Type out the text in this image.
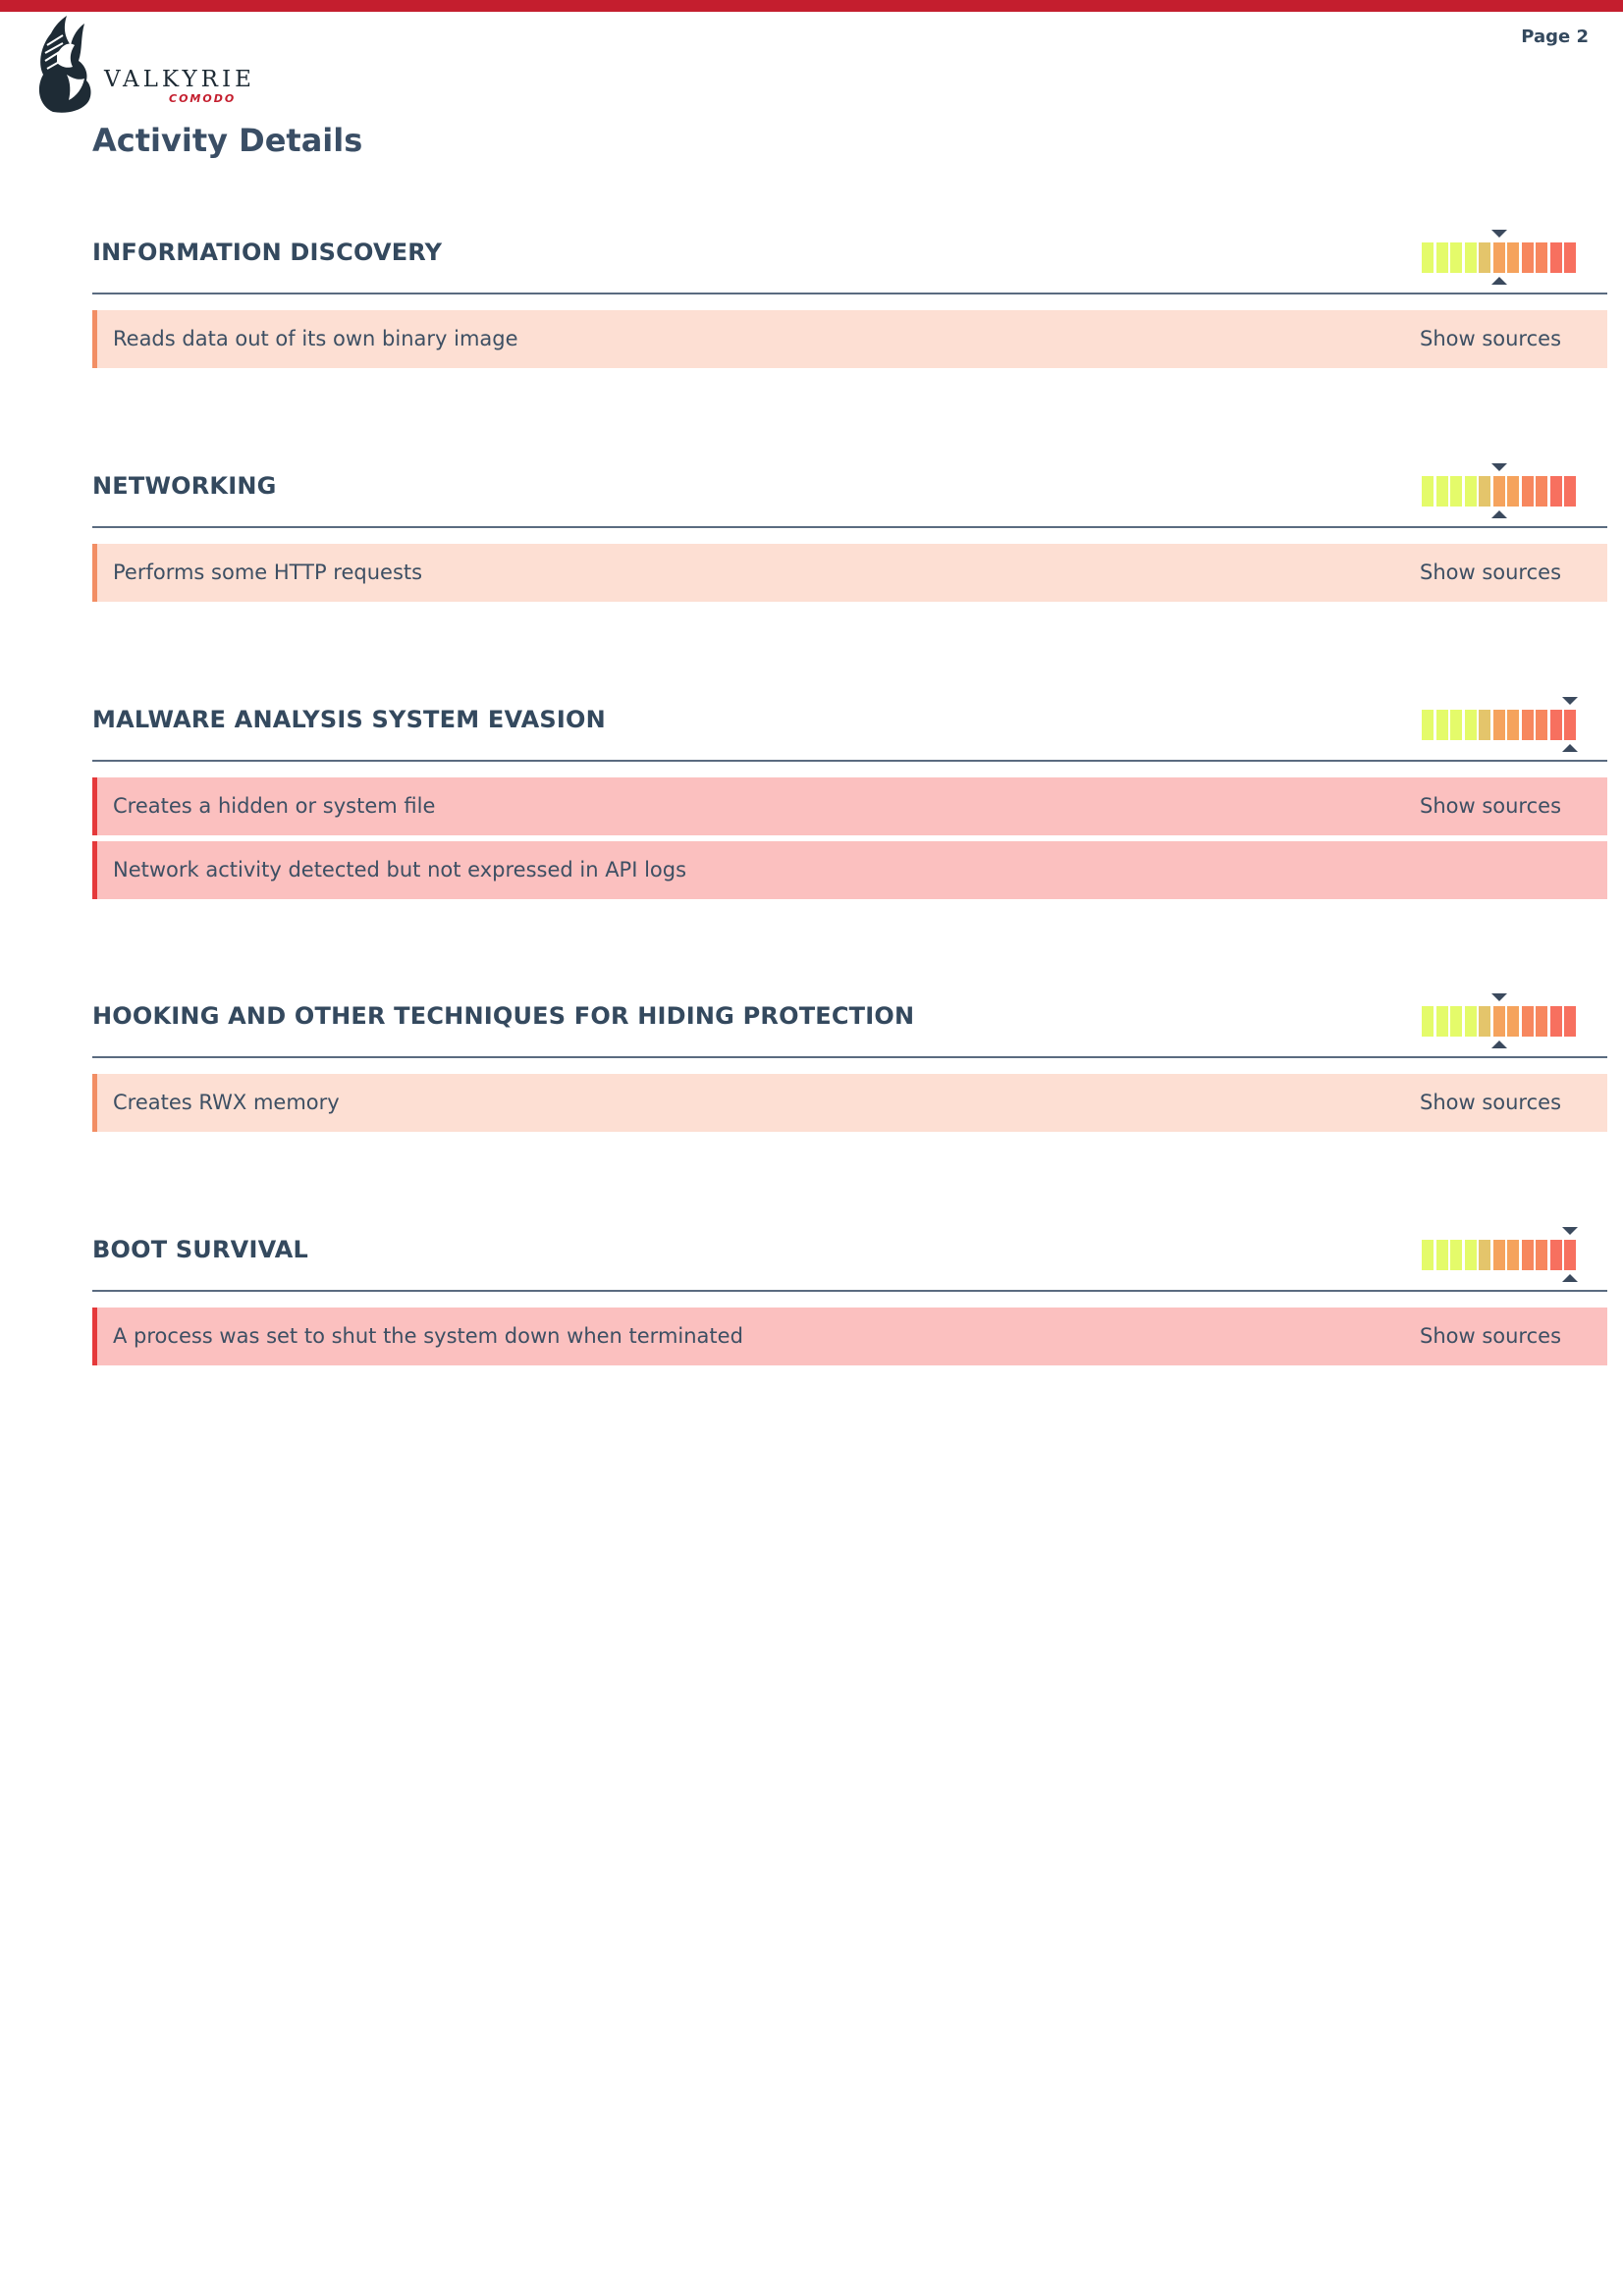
Page 2
VALKYRIE
COMODO
Activity Details
INFORMATION DISCOVERY
Reads data out of its own binary image	Show sources
NETWORKING
Performs some HTTP requests	Show sources
MALWARE ANALYSIS SYSTEM EVASION
Creates a hidden or system file	Show sources
Network activity detected but not expressed in API logs
HOOKING AND OTHER TECHNIQUES FOR HIDING PROTECTION
Creates RWX memory	Show sources
BOOT SURVIVAL
A process was set to shut the system down when terminated	Show sources
